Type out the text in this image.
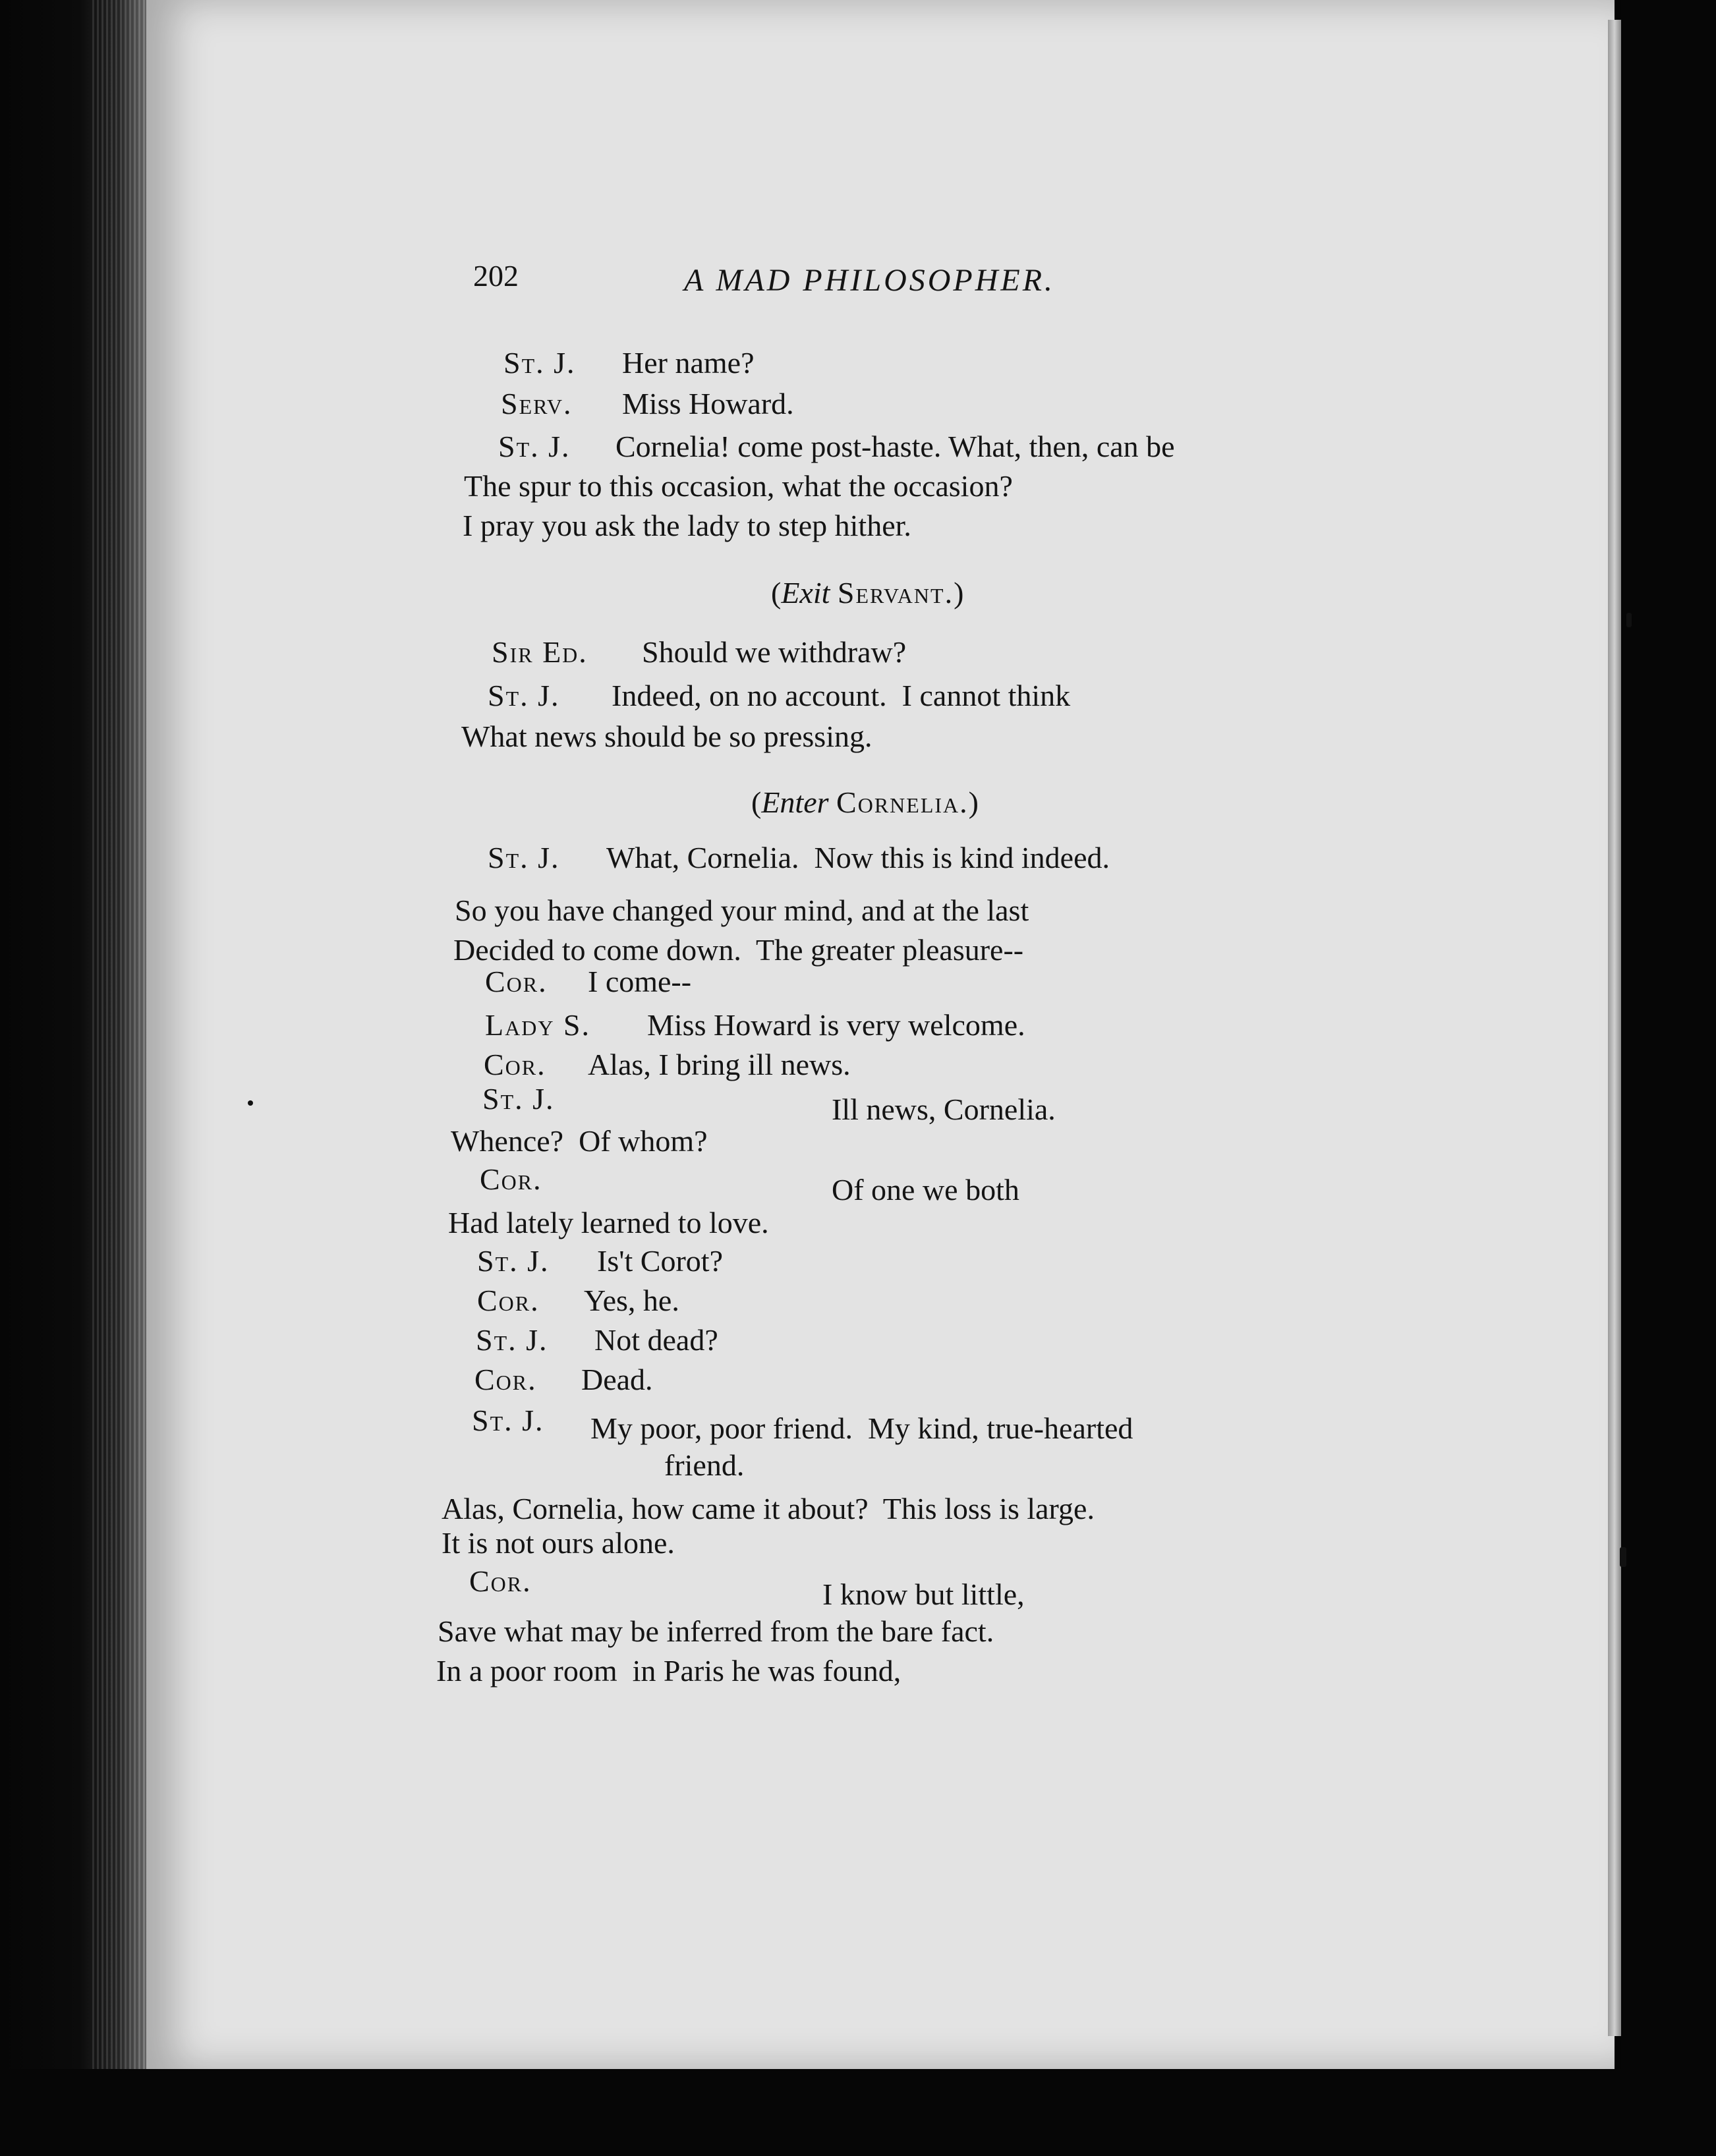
202	A MAD PHILOSOPHER.
St. J. Her name?
Serv. Miss Howard.
St. J. Cornelia! come post-haste. What, then, can be
The spur to this occasion, what the occasion?
I pray you ask the lady to step hither.
(Exit Servant.)
Sir Ed. Should we withdraw?
St. J. Indeed, on no account.  I cannot think
What news should be so pressing.
(Enter Cornelia.)
St. J. What, Cornelia.  Now this is kind indeed.
So you have changed your mind, and at the last
Decided to come down.  The greater pleasure--
Cor. I come--
Lady S. Miss Howard is very welcome.
Cor. Alas, I bring ill news.
St. J.	Ill news, Cornelia.
Whence?  Of whom?
Cor.	Of one we both
Had lately learned to love.
St. J. Is't Corot?
Cor. Yes, he.
St. J. Not dead?
Cor. Dead.
St. J. My poor, poor friend.  My kind, true-hearted
friend.
Alas, Cornelia, how came it about?  This loss is large.
It is not ours alone.
Cor.	I know but little,
Save what may be inferred from the bare fact.
In a poor room  in Paris he was found,
